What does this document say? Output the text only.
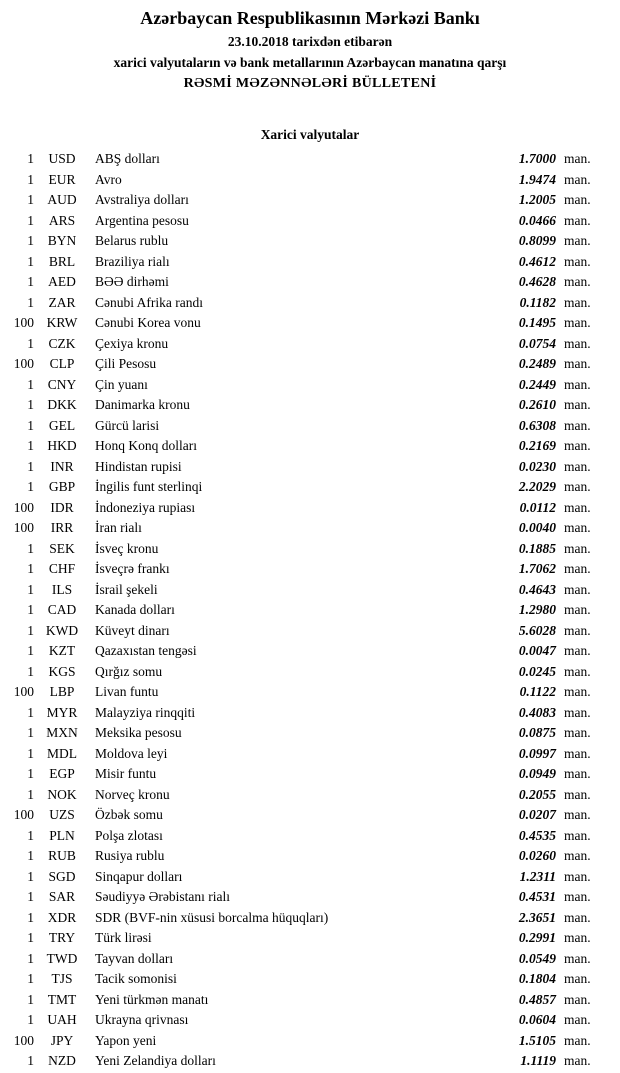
Azərbaycan Respublikasının Mərkəzi Bankı
23.10.2018 tarixdən etibarən
xarici valyutaların və bank metallarının Azərbaycan manatına qarşı
RƏSMİ MƏZƏNNƏLƏRİ BÜLLETENİ
Xarici valyutalar
1	USD	ABŞ dolları	1.7000 man.
1	EUR	Avro	1.9474 man.
1 AUD	Avstraliya dolları	1.2005 man.
1	ARS	Argentina pesosu	0.0466 man.
1	BYN	Belarus rublu	0.8099 man.
1	BRL	Braziliya rialı	0.4612 man.
1	AED	BƏƏ dirhəmi	0.4628 man.
1	ZAR	Cənubi Afrika randı	0.1182 man.
100 KRW	Cənubi Korea vonu	0.1495 man.
1	CZK	Çexiya kronu	0.0754 man.
100	CLP	Çili Pesosu	0.2489 man.
1	CNY	Çin yuanı	0.2449 man.
1 DKK	Danimarka kronu	0.2610 man.
1	GEL	Gürcü larisi	0.6308 man.
1 HKD	Honq Konq dolları	0.2169 man.
1	INR	Hindistan rupisi	0.0230 man.
1	GBP	İngilis funt sterlinqi	2.2029 man.
100	IDR	İndoneziya rupiası	0.0112 man.
100	IRR	İran rialı	0.0040 man.
1	SEK	İsveç kronu	0.1885 man.
1	CHF	İsveçrə frankı	1.7062 man.
1	ILS	İsrail şekeli	0.4643 man.
1	CAD	Kanada dolları	1.2980 man.
1 KWD	Küveyt dinarı	5.6028 man.
1	KZT	Qazaxıstan tengəsi	0.0047 man.
1	KGS	Qırğız somu	0.0245 man.
100	LBP	Livan funtu	0.1122 man.
1 MYR	Malayziya rinqqiti	0.4083 man.
1 MXN	Meksika pesosu	0.0875 man.
1 MDL	Moldova leyi	0.0997 man.
1	EGP	Misir funtu	0.0949 man.
1 NOK	Norveç kronu	0.2055 man.
100	UZS	Özbək somu	0.0207 man.
1	PLN	Polşa zlotası	0.4535 man.
1	RUB	Rusiya rublu	0.0260 man.
1	SGD	Sinqapur dolları	1.2311 man.
1	SAR	Səudiyyə Ərəbistanı rialı	0.4531 man.
1	XDR	SDR (BVF-nin xüsusi borcalma hüquqları)	2.3651 man.
1	TRY	Türk lirəsi	0.2991 man.
1 TWD	Tayvan dolları	0.0549 man.
1	TJS	Tacik somonisi	0.1804 man.
1	TMT	Yeni türkmən manatı	0.4857 man.
1 UAH	Ukrayna qrivnası	0.0604 man.
100	JPY	Yapon yeni	1.5105 man.
1	NZD	Yeni Zelandiya dolları	1.1119 man.
